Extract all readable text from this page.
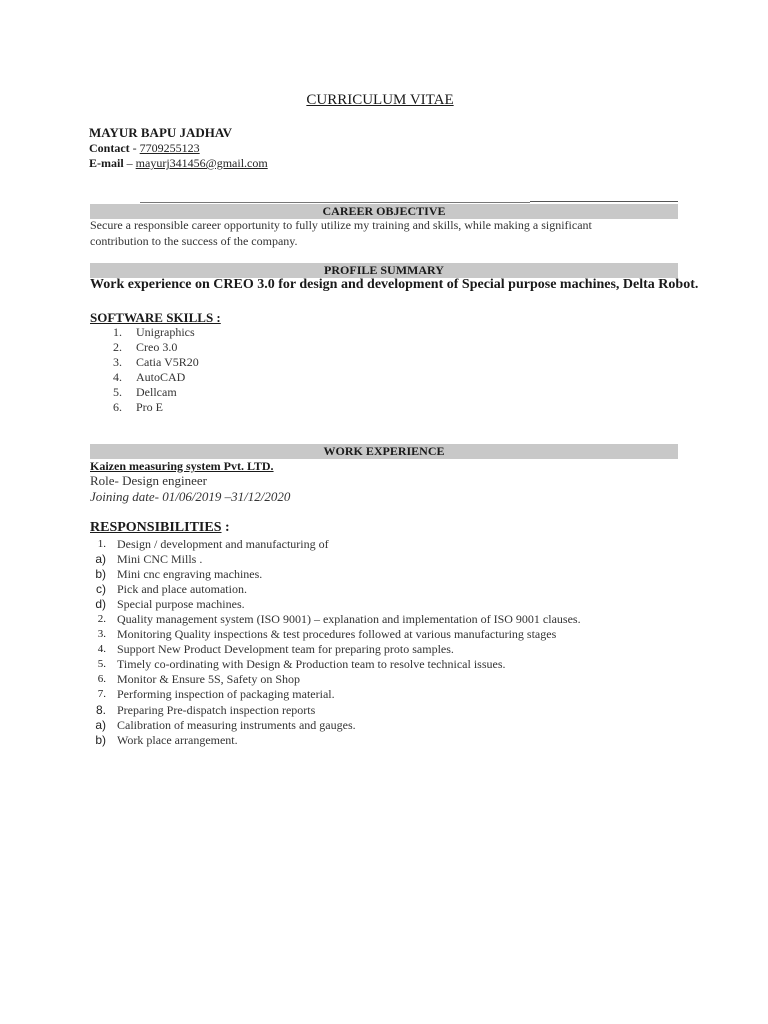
CURRICULUM VITAE
MAYUR BAPU JADHAV
Contact - 7709255123
E-mail – mayurj341456@gmail.com
CAREER OBJECTIVE
Secure a responsible career opportunity to fully utilize my training and skills, while making a significant contribution to the success of the company.
PROFILE SUMMARY
Work experience on CREO 3.0 for design and development of Special purpose machines, Delta Robot.
SOFTWARE SKILLS :
1. Unigraphics
2. Creo 3.0
3. Catia V5R20
4. AutoCAD
5. Dellcam
6. Pro E
WORK EXPERIENCE
Kaizen measuring system Pvt. LTD.
Role- Design engineer
Joining date- 01/06/2019 –31/12/2020
RESPONSIBILITIES :
1. Design / development and manufacturing of
a) Mini CNC Mills .
b) Mini cnc engraving machines.
c) Pick and place automation.
d) Special purpose machines.
2. Quality management system (ISO 9001) – explanation and implementation of ISO 9001 clauses.
3. Monitoring Quality inspections & test procedures followed at various manufacturing stages
4. Support New Product Development team for preparing proto samples.
5. Timely co-ordinating with Design & Production team to resolve technical issues.
6. Monitor & Ensure 5S, Safety on Shop
7. Performing inspection of packaging material.
8. Preparing Pre-dispatch inspection reports
a) Calibration of measuring instruments and gauges.
b) Work place arrangement.
